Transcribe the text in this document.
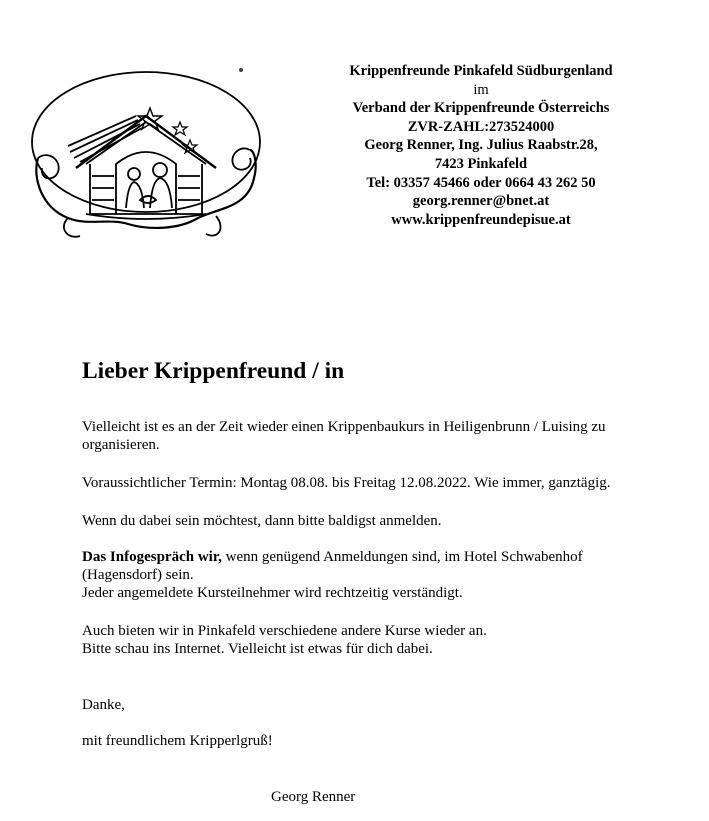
Krippenfreunde Pinkafeld Südburgenland
im
Verband der Krippenfreunde Österreichs
ZVR-ZAHL:273524000
Georg Renner, Ing. Julius Raabstr.28,
7423 Pinkafeld
Tel: 03357 45466 oder 0664 43 262 50
georg.renner@bnet.at
www.krippenfreundepisue.at
Lieber Krippenfreund / in

Vielleicht ist es an der Zeit wieder einen Krippenbaukurs in Heiligenbrunn / Luising zu
organisieren.

Voraussichtlicher Termin: Montag 08.08. bis Freitag 12.08.2022. Wie immer, ganztägig.

Wenn du dabei sein möchtest, dann bitte baldigst anmelden.

Das Infogespräch wir, wenn genügend Anmeldungen sind, im Hotel Schwabenhof
(Hagensdorf) sein.
Jeder angemeldete Kursteilnehmer wird rechtzeitig verständigt.

Auch bieten wir in Pinkafeld verschiedene andere Kurse wieder an.
Bitte schau ins Internet. Vielleicht ist etwas für dich dabei.

Danke,

mit freundlichem Kripperlgruß!

Georg Renner
